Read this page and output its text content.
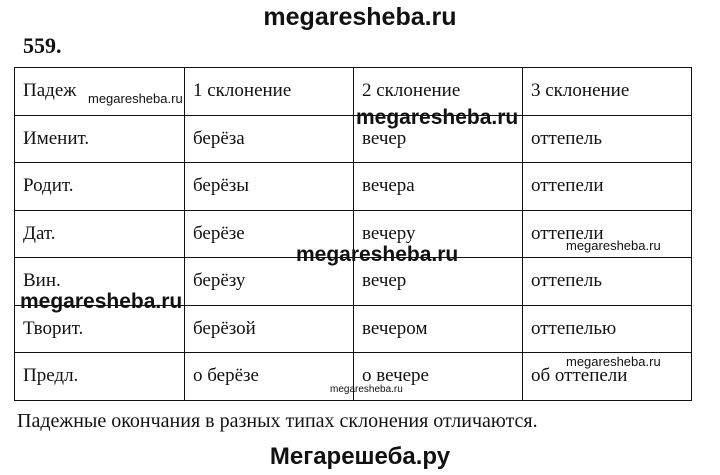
megaresheba.ru
559.
Падеж	1 склонение	2 склонение	3 склонение
Именит.	берёза	вечер	оттепель
Родит.	берёзы	вечера	оттепели
Дат.	берёзе	вечеру	оттепели
Вин.	берёзу	вечер	оттепель
Творит.	берёзой	вечером	оттепелью
Предл.	о берёзе	о вечере	об оттепели
Падежные окончания в разных типах склонения отличаются.
Мегарешеба.ру
megaresheba.ru
megaresheba.ru
megaresheba.ru	megaresheba.ru
megaresheba.ru
megaresheba.ru
megaresheba.ru
